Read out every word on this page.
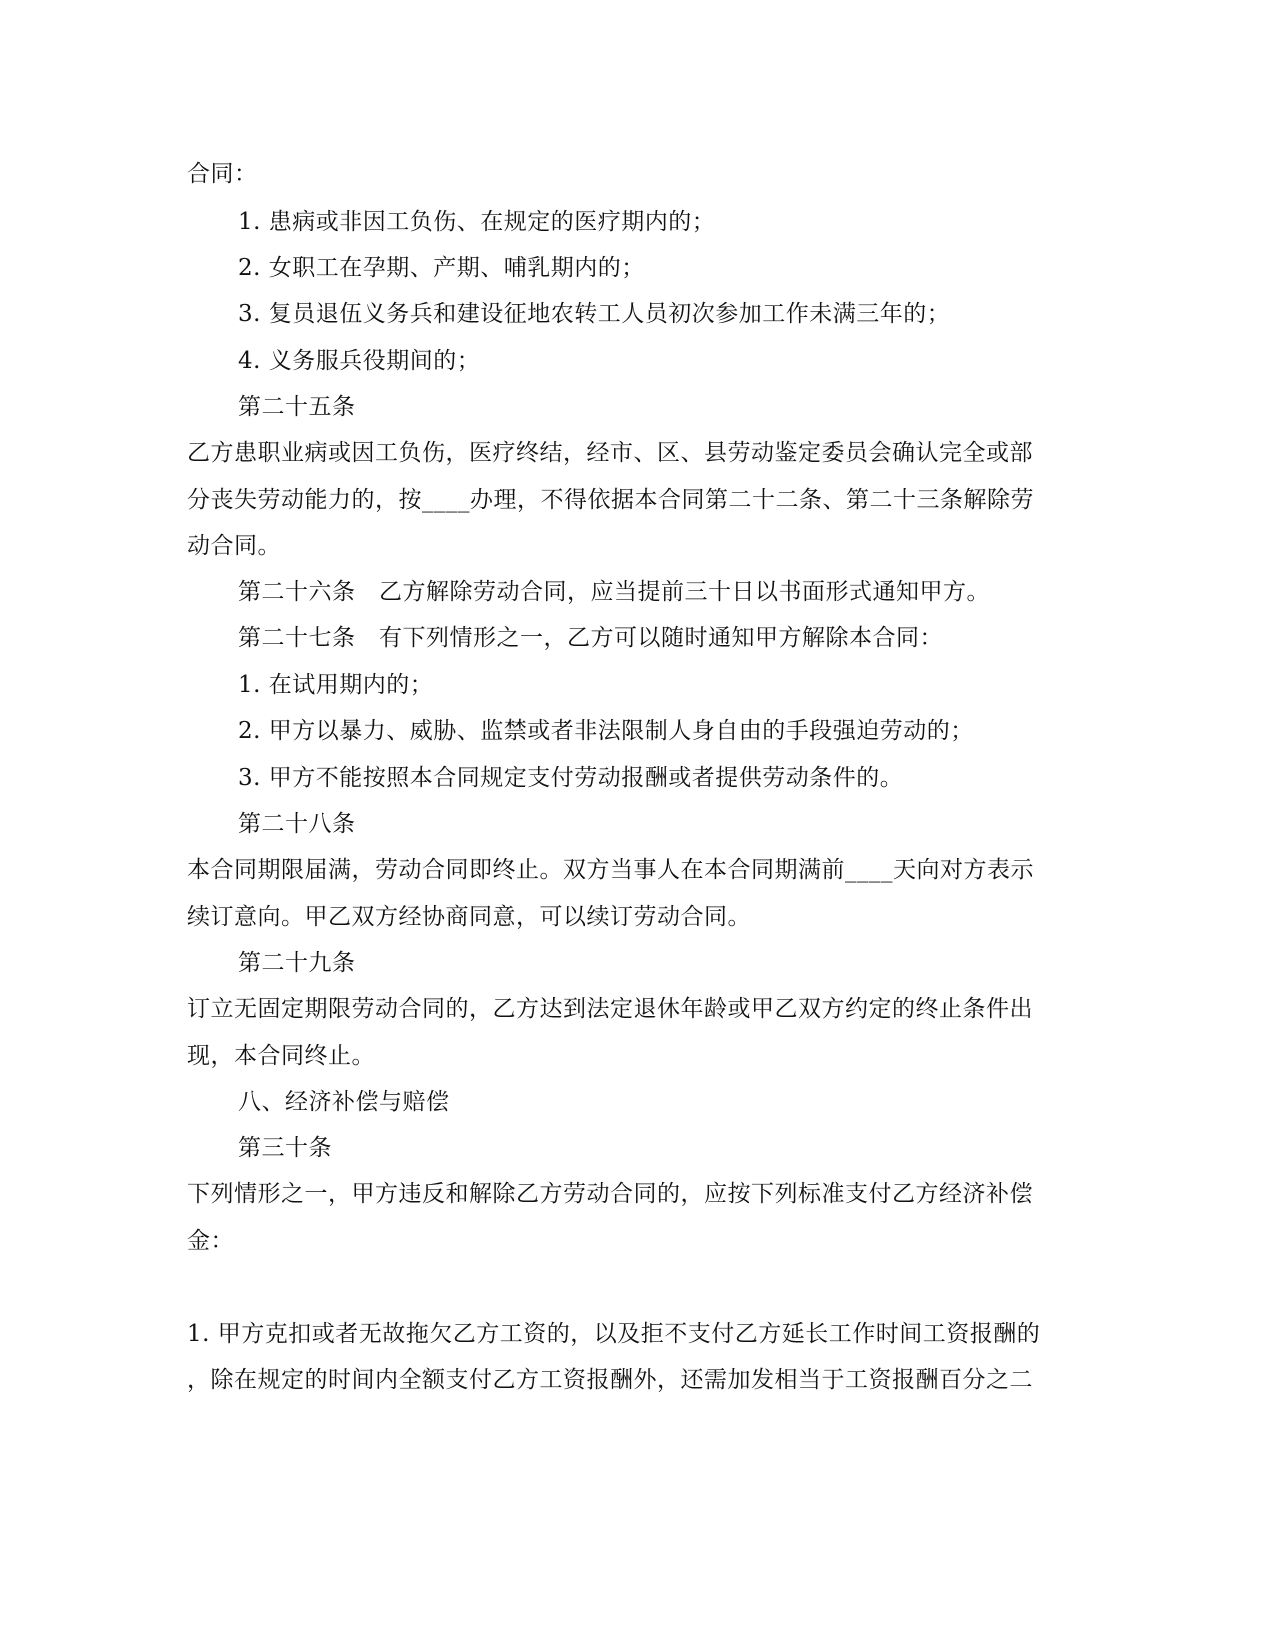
合同：
1. 患病或非因工负伤、在规定的医疗期内的；
2. 女职工在孕期、产期、哺乳期内的；
3. 复员退伍义务兵和建设征地农转工人员初次参加工作未满三年的；
4. 义务服兵役期间的；
第二十五条
乙方患职业病或因工负伤，医疗终结，经市、区、县劳动鉴定委员会确认完全或部
分丧失劳动能力的，按____办理，不得依据本合同第二十二条、第二十三条解除劳
动合同。
第二十六条　乙方解除劳动合同，应当提前三十日以书面形式通知甲方。
第二十七条　有下列情形之一，乙方可以随时通知甲方解除本合同：
1. 在试用期内的；
2. 甲方以暴力、威胁、监禁或者非法限制人身自由的手段强迫劳动的；
3. 甲方不能按照本合同规定支付劳动报酬或者提供劳动条件的。
第二十八条
本合同期限届满，劳动合同即终止。双方当事人在本合同期满前____天向对方表示
续订意向。甲乙双方经协商同意，可以续订劳动合同。
第二十九条
订立无固定期限劳动合同的，乙方达到法定退休年龄或甲乙双方约定的终止条件出
现，本合同终止。
八、经济补偿与赔偿
第三十条
下列情形之一，甲方违反和解除乙方劳动合同的，应按下列标准支付乙方经济补偿
金：
1. 甲方克扣或者无故拖欠乙方工资的，以及拒不支付乙方延长工作时间工资报酬的
，除在规定的时间内全额支付乙方工资报酬外，还需加发相当于工资报酬百分之二
